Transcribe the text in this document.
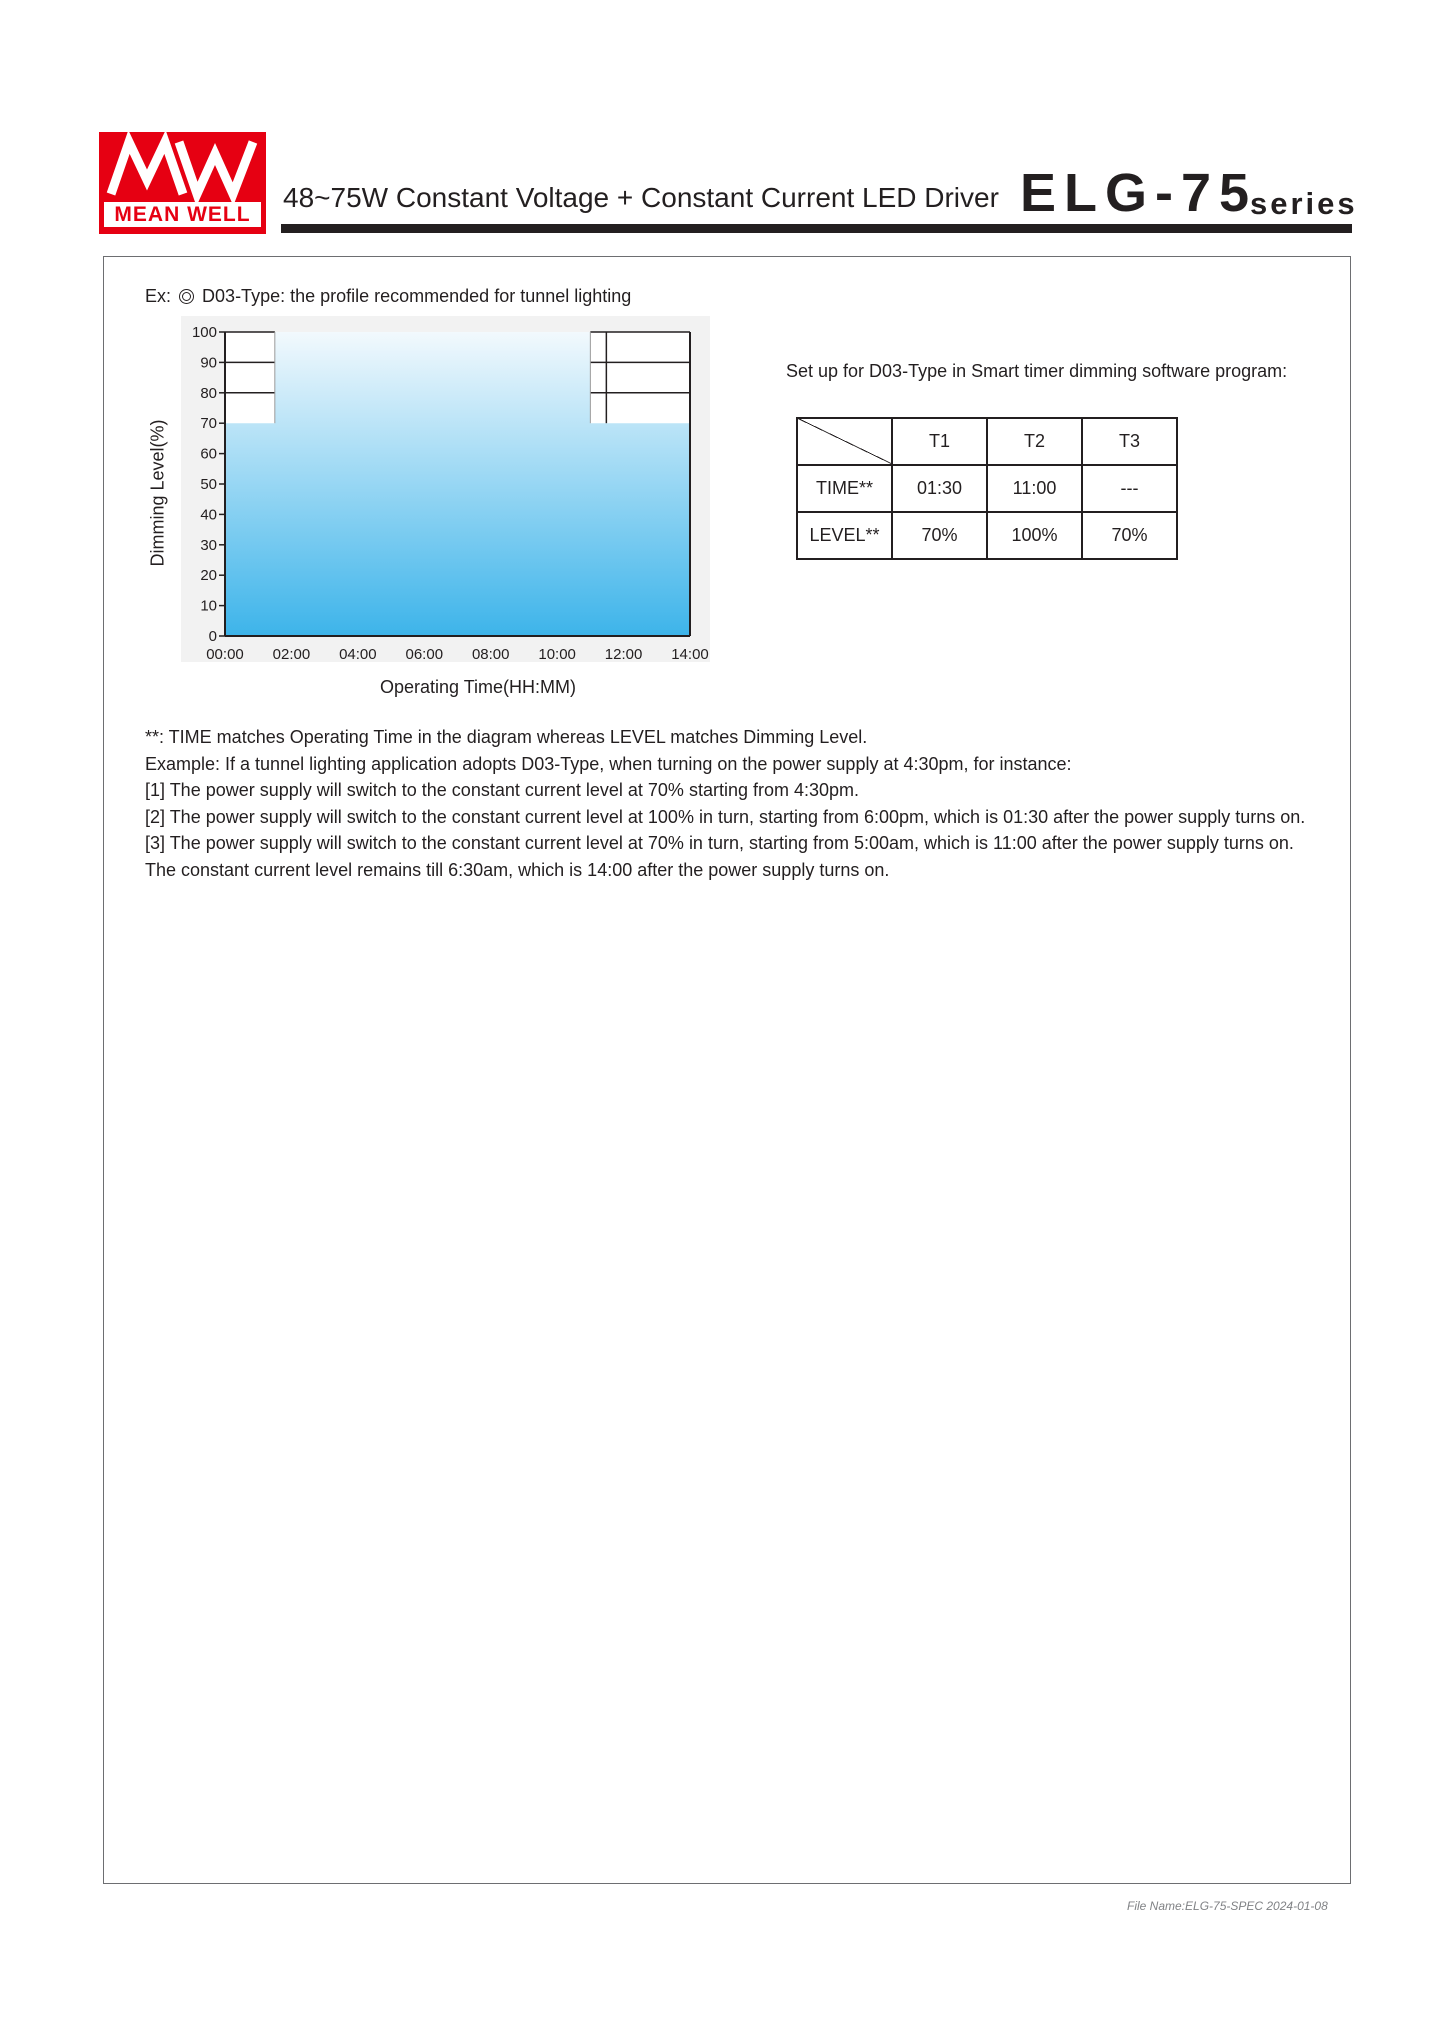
MEAN WELL
48~75W Constant Voltage + Constant Current LED Driver ELG-75
series
Ex: D03-Type: the profile recommended for tunnel lighting
0
10
20
30
40
50
60
70
80
90
100
00:00 02:00 04:00 06:00 08:00 10:00 12:00 14:00
Dimming Level(%)
Operating Time(HH:MM)
Set up for D03-Type in Smart timer dimming software program:
	T1	T2	T3
TIME**	01:30	11:00	---
LEVEL**	70%	100%	70%
**: TIME matches Operating Time in the diagram whereas LEVEL matches Dimming Level.
Example: If a tunnel lighting application adopts D03-Type, when turning on the power supply at 4:30pm, for instance:
[1] The power supply will switch to the constant current level at 70% starting from 4:30pm.
[2] The power supply will switch to the constant current level at 100% in turn, starting from 6:00pm, which is 01:30 after the power supply turns on.
[3] The power supply will switch to the constant current level at 70% in turn, starting from 5:00am, which is 11:00 after the power supply turns on.
The constant current level remains till 6:30am, which is 14:00 after the power supply turns on.
File Name:ELG-75-SPEC 2024-01-08
